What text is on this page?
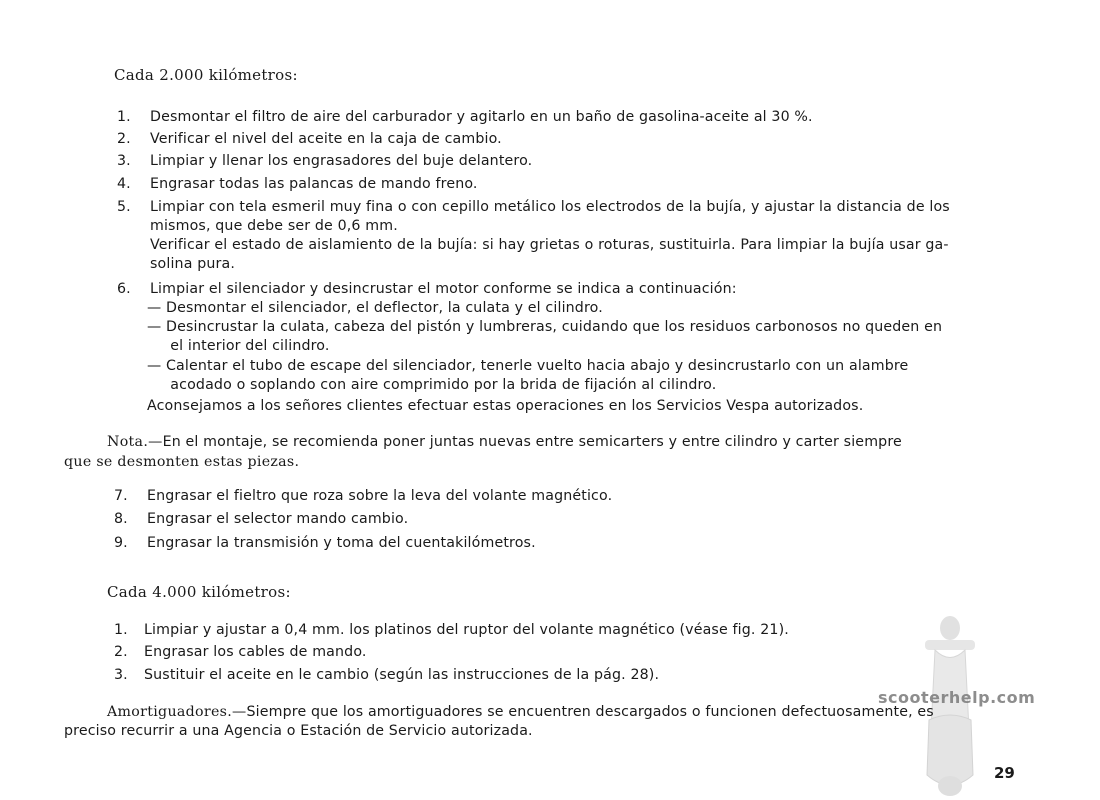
Cada 2.000 kilómetros:
1.	Desmontar el filtro de aire del carburador y agitarlo en un baño de gasolina-aceite al 30 %.
2.	Verificar el nivel del aceite en la caja de cambio.
3.	Limpiar y llenar los engrasadores del buje delantero.
4.	Engrasar todas las palancas de mando freno.
5.	Limpiar con tela esmeril muy fina o con cepillo metálico los electrodos de la bujía, y ajustar la distancia de los
mismos, que debe ser de 0,6 mm.
Verificar el estado de aislamiento de la bujía: si hay grietas o roturas, sustituirla. Para limpiar la bujía usar ga-
solina pura.
6.	Limpiar el silenciador y desincrustar el motor conforme se indica a continuación:
— Desmontar el silenciador, el deflector, la culata y el cilindro.
— Desincrustar la culata, cabeza del pistón y lumbreras, cuidando que los residuos carbonosos no queden en
el interior del cilindro.
— Calentar el tubo de escape del silenciador, tenerle vuelto hacia abajo y desincrustarlo con un alambre
acodado o soplando con aire comprimido por la brida de fijación al cilindro.
Aconsejamos a los señores clientes efectuar estas operaciones en los Servicios Vespa autorizados.
Nota.—En el montaje, se recomienda poner juntas nuevas entre semicarters y entre cilindro y carter siempre
que se desmonten estas piezas.
7.	Engrasar el fieltro que roza sobre la leva del volante magnético.
8.	Engrasar el selector mando cambio.
9.	Engrasar la transmisión y toma del cuentakilómetros.
Cada 4.000 kilómetros:
1.	Limpiar y ajustar a 0,4 mm. los platinos del ruptor del volante magnético (véase fig. 21).
2.	Engrasar los cables de mando.
3.	Sustituir el aceite en le cambio (según las instrucciones de la pág. 28).
scooterhelp.com
Amortiguadores.—Siempre que los amortiguadores se encuentren descargados o funcionen defectuosamente, es
preciso recurrir a una Agencia o Estación de Servicio autorizada.
29
